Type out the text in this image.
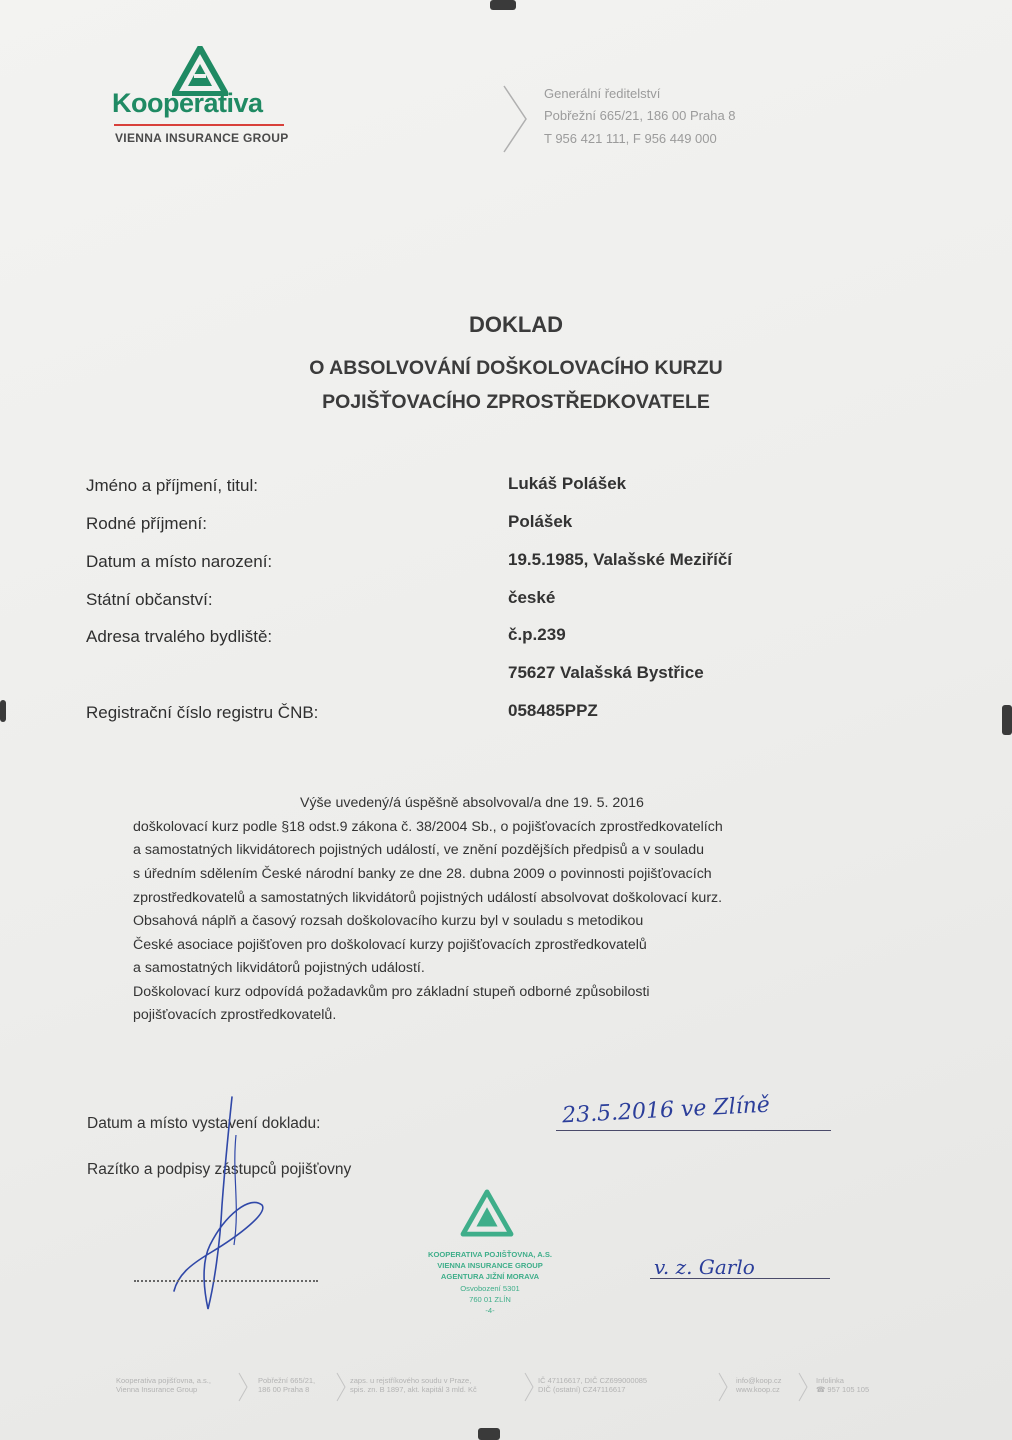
Kooperativa
VIENNA INSURANCE GROUP
Generální ředitelství
Pobřežní 665/21, 186 00 Praha 8
T 956 421 111, F 956 449 000
DOKLAD
O ABSOLVOVÁNÍ DOŠKOLOVACÍHO KURZU
POJIŠŤOVACÍHO ZPROSTŘEDKOVATELE
Jméno a příjmení, titul:	Lukáš Polášek
Rodné příjmení:	Polášek
Datum a místo narození:	19.5.1985, Valašské Meziříčí
Státní občanství:	české
Adresa trvalého bydliště:	č.p.239
75627 Valašská Bystřice
Registrační číslo registru ČNB:	058485PPZ
Výše uvedený/á úspěšně absolvoval/a dne 19. 5. 2016
doškolovací kurz podle §18 odst.9 zákona č. 38/2004 Sb., o pojišťovacích zprostředkovatelích
a samostatných likvidátorech pojistných událostí, ve znění pozdějších předpisů a v souladu
s úředním sdělením České národní banky ze dne 28. dubna 2009 o povinnosti pojišťovacích
zprostředkovatelů a samostatných likvidátorů pojistných událostí absolvovat doškolovací kurz.
Obsahová náplň a časový rozsah doškolovacího kurzu byl v souladu s metodikou
České asociace pojišťoven pro doškolovací kurzy pojišťovacích zprostředkovatelů
a samostatných likvidátorů pojistných událostí.
Doškolovací kurz odpovídá požadavkům pro základní stupeň odborné způsobilosti
pojišťovacích zprostředkovatelů.
Datum a místo vystavení dokladu:	23.5.2016 ve Zlíně
Razítko a podpisy zástupců pojišťovny
v. z. Garlo
KOOPERATIVA POJIŠŤOVNA, A.S.
VIENNA INSURANCE GROUP
AGENTURA JIŽNÍ MORAVA
Osvobození 5301
760 01 ZLÍN
-4-
Kooperativa pojišťovna, a.s.,
Vienna Insurance Group
Pobřežní 665/21,
186 00 Praha 8
zaps. u rejstříkového soudu v Praze,
spis. zn. B 1897, akt. kapitál 3 mld. Kč
IČ 47116617, DIČ CZ699000085
DIČ (ostatní) CZ47116617
info@koop.cz
www.koop.cz
Infolinka
☎ 957 105 105
